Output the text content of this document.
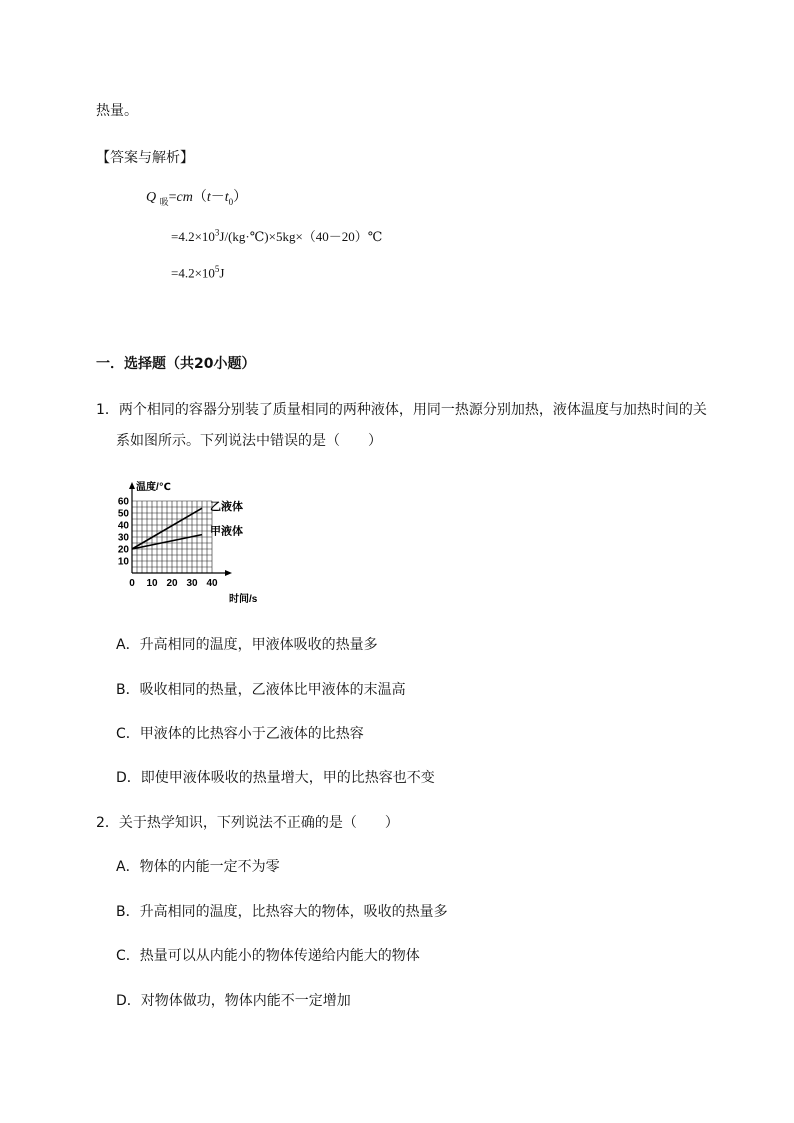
热量。
【答案与解析】
Q $_吸=cm(t-t_0)$
$=4.2\times 10^3J/(kg\cdot℃)\times 5kg\times(40-20)℃$
$=4.2\times 10^5J$
一．选择题（共20小题）
1．两个相同的容器分别装了质量相同的两种液体，用同一热源分别加热，液体温度与加热时间的关
系如图所示。下列说法中错误的是（　　）
10
20
30
40
50
60
0 10 20 30 40
乙液体
甲液体
温度/℃
时间/s
A．升高相同的温度，甲液体吸收的热量多
B．吸收相同的热量，乙液体比甲液体的末温高
C．甲液体的比热容小于乙液体的比热容
D．即使甲液体吸收的热量增大，甲的比热容也不变
2．关于热学知识，下列说法不正确的是（　　）
A．物体的内能一定不为零
B．升高相同的温度，比热容大的物体，吸收的热量多
C．热量可以从内能小的物体传递给内能大的物体
D．对物体做功，物体内能不一定增加
